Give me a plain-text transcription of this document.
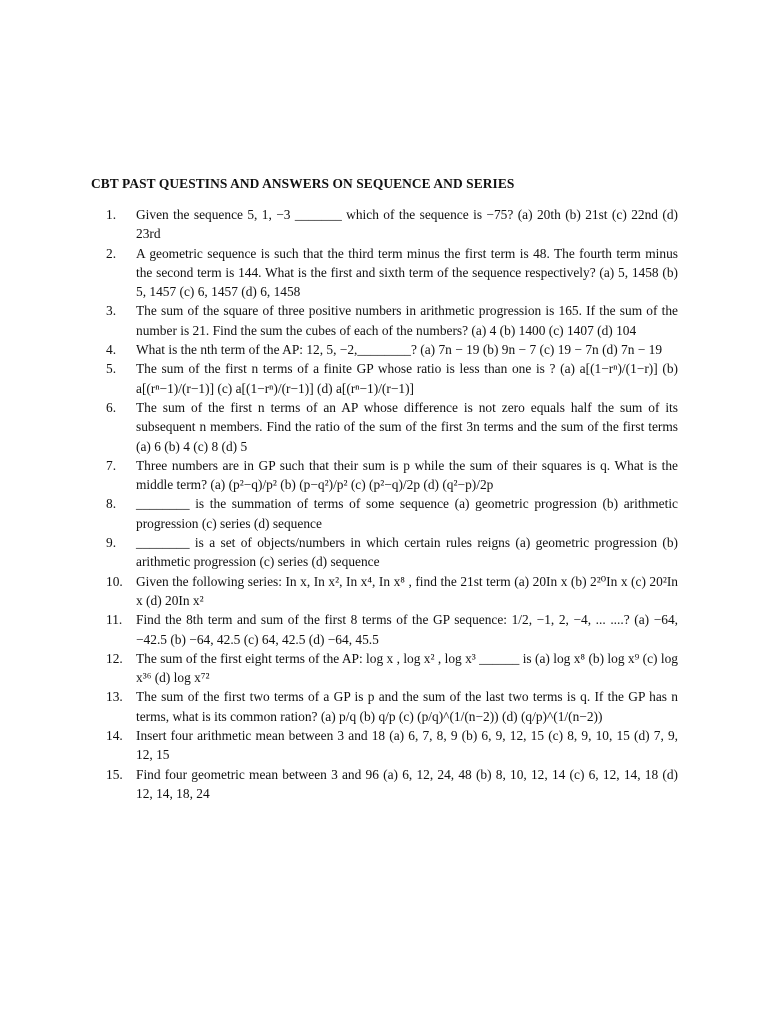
CBT PAST QUESTINS AND ANSWERS ON SEQUENCE AND SERIES
1.	Given the sequence 5, 1, −3 _______ which of the sequence is −75? (a) 20th (b) 21st (c) 22nd (d) 23rd
2.	A geometric sequence is such that the third term minus the first term is 48. The fourth term minus the second term is 144. What is the first and sixth term of the sequence respectively? (a) 5, 1458 (b) 5, 1457 (c) 6, 1457 (d) 6, 1458
3.	The sum of the square of three positive numbers in arithmetic progression is 165. If the sum of the number is 21. Find the sum the cubes of each of the numbers? (a) 4 (b) 1400 (c) 1407 (d) 104
4.	What is the nth term of the AP: 12, 5, −2,________? (a) 7n − 19 (b) 9n − 7 (c) 19 − 7n (d) 7n − 19
5.	The sum of the first n terms of a finite GP whose ratio is less than one is ? (a) a[(1−rⁿ)/(1−r)] (b) a[(rⁿ−1)/(r−1)] (c) a[(1−rⁿ)/(r−1)] (d) a[(rⁿ−1)/(r−1)]
6.	The sum of the first n terms of an AP whose difference is not zero equals half the sum of its subsequent n members. Find the ratio of the sum of the first 3n terms and the sum of the first terms (a) 6 (b) 4 (c) 8 (d) 5
7.	Three numbers are in GP such that their sum is p while the sum of their squares is q. What is the middle term? (a) (p²−q)/p² (b) (p−q²)/p² (c) (p²−q)/2p (d) (q²−p)/2p
8.	________ is the summation of terms of some sequence (a) geometric progression (b) arithmetic progression (c) series (d) sequence
9.	________ is a set of objects/numbers in which certain rules reigns (a) geometric progression (b) arithmetic progression (c) series (d) sequence
10. Given the following series: In x, In x², In x⁴, In x⁸ , find the 21st term (a) 20In x (b) 2²⁰In x (c) 20²In x (d) 20In x²
11.	Find the 8th term and sum of the first 8 terms of the GP sequence: 1/2, −1, 2, −4, ... ....? (a) −64, −42.5 (b) −64, 42.5 (c) 64, 42.5 (d) −64, 45.5
12. The sum of the first eight terms of the AP: log x , log x² , log x³ ______ is (a) log x⁸ (b) log x⁹ (c) log x³⁶ (d) log x⁷²
13. The sum of the first two terms of a GP is p and the sum of the last two terms is q. If the GP has n terms, what is its common ration? (a) p/q (b) q/p (c) (p/q)^(1/(n−2)) (d) (q/p)^(1/(n−2))
14. Insert four arithmetic mean between 3 and 18 (a) 6, 7, 8, 9 (b) 6, 9, 12, 15 (c) 8, 9, 10, 15 (d) 7, 9, 12, 15
15. Find four geometric mean between 3 and 96 (a) 6, 12, 24, 48 (b) 8, 10, 12, 14 (c) 6, 12, 14, 18 (d) 12, 14, 18, 24
